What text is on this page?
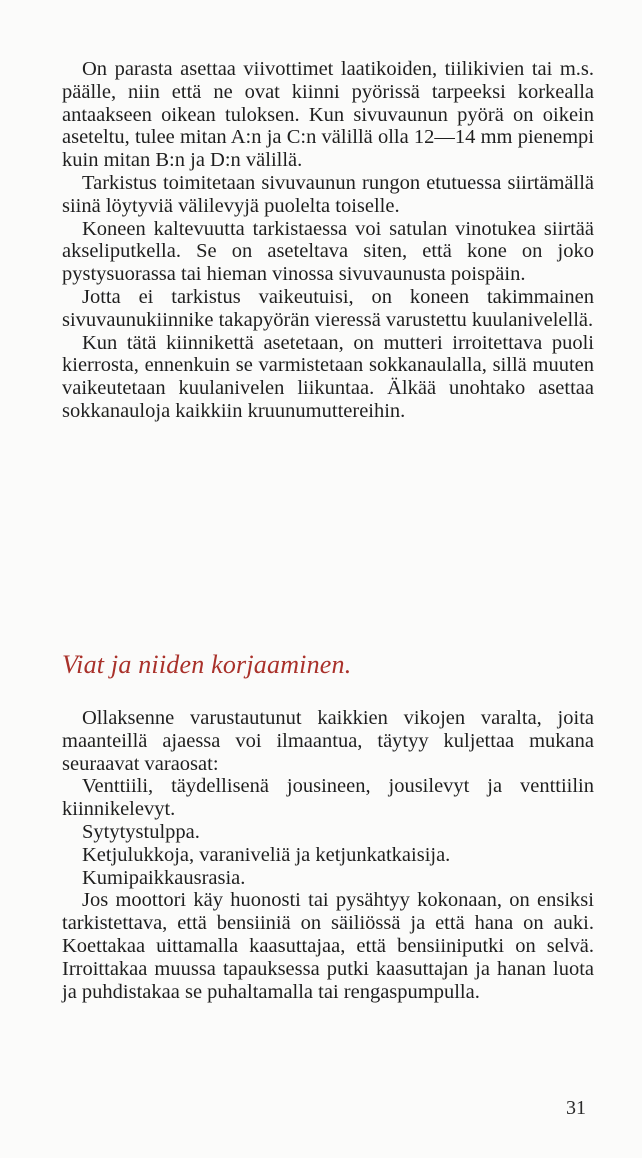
On parasta asettaa viivottimet laatikoiden, tiilikivien tai m.s. päälle, niin että ne ovat kiinni pyörissä tarpeeksi korkealla antaakseen oikean tuloksen. Kun sivuvaunun pyörä on oikein aseteltu, tulee mitan A:n ja C:n välillä olla 12—14 mm pienempi kuin mitan B:n ja D:n välillä.

Tarkistus toimitetaan sivuvaunun rungon etutuessa siirtämällä siinä löytyviä välilevyjä puolelta toiselle.

Koneen kaltevuutta tarkistaessa voi satulan vinotukea siirtää akseliputkella. Se on aseteltava siten, että kone on joko pystysuorassa tai hieman vinossa sivuvaunusta poispäin.

Jotta ei tarkistus vaikeutuisi, on koneen takimmainen sivuvaunukiinnike takapyörän vieressä varustettu kuulanivelellä.

Kun tätä kiinnikettä asetetaan, on mutteri irroitettava puoli kierrosta, ennenkuin se varmistetaan sokkanaulalla, sillä muuten vaikeutetaan kuulanivelen liikuntaa. Älkää unohtako asettaa sokkanauloja kaikkiin kruunumuttereihin.

Viat ja niiden korjaaminen.

Ollaksenne varustautunut kaikkien vikojen varalta, joita maanteillä ajaessa voi ilmaantua, täytyy kuljettaa mukana seuraavat varaosat:

Venttiili, täydellisenä jousineen, jousilevyt ja venttiilin kiinnikelevyt.

Sytytystulppa.

Ketjulukkoja, varaniveliä ja ketjunkatkaisija.

Kumipaikkausrasia.

Jos moottori käy huonosti tai pysähtyy kokonaan, on ensiksi tarkistettava, että bensiiniä on säiliössä ja että hana on auki. Koettakaa uittamalla kaasuttajaa, että bensiiniputki on selvä. Irroittakaa muussa tapauksessa putki kaasuttajan ja hanan luota ja puhdistakaa se puhaltamalla tai rengaspumpulla.

31
